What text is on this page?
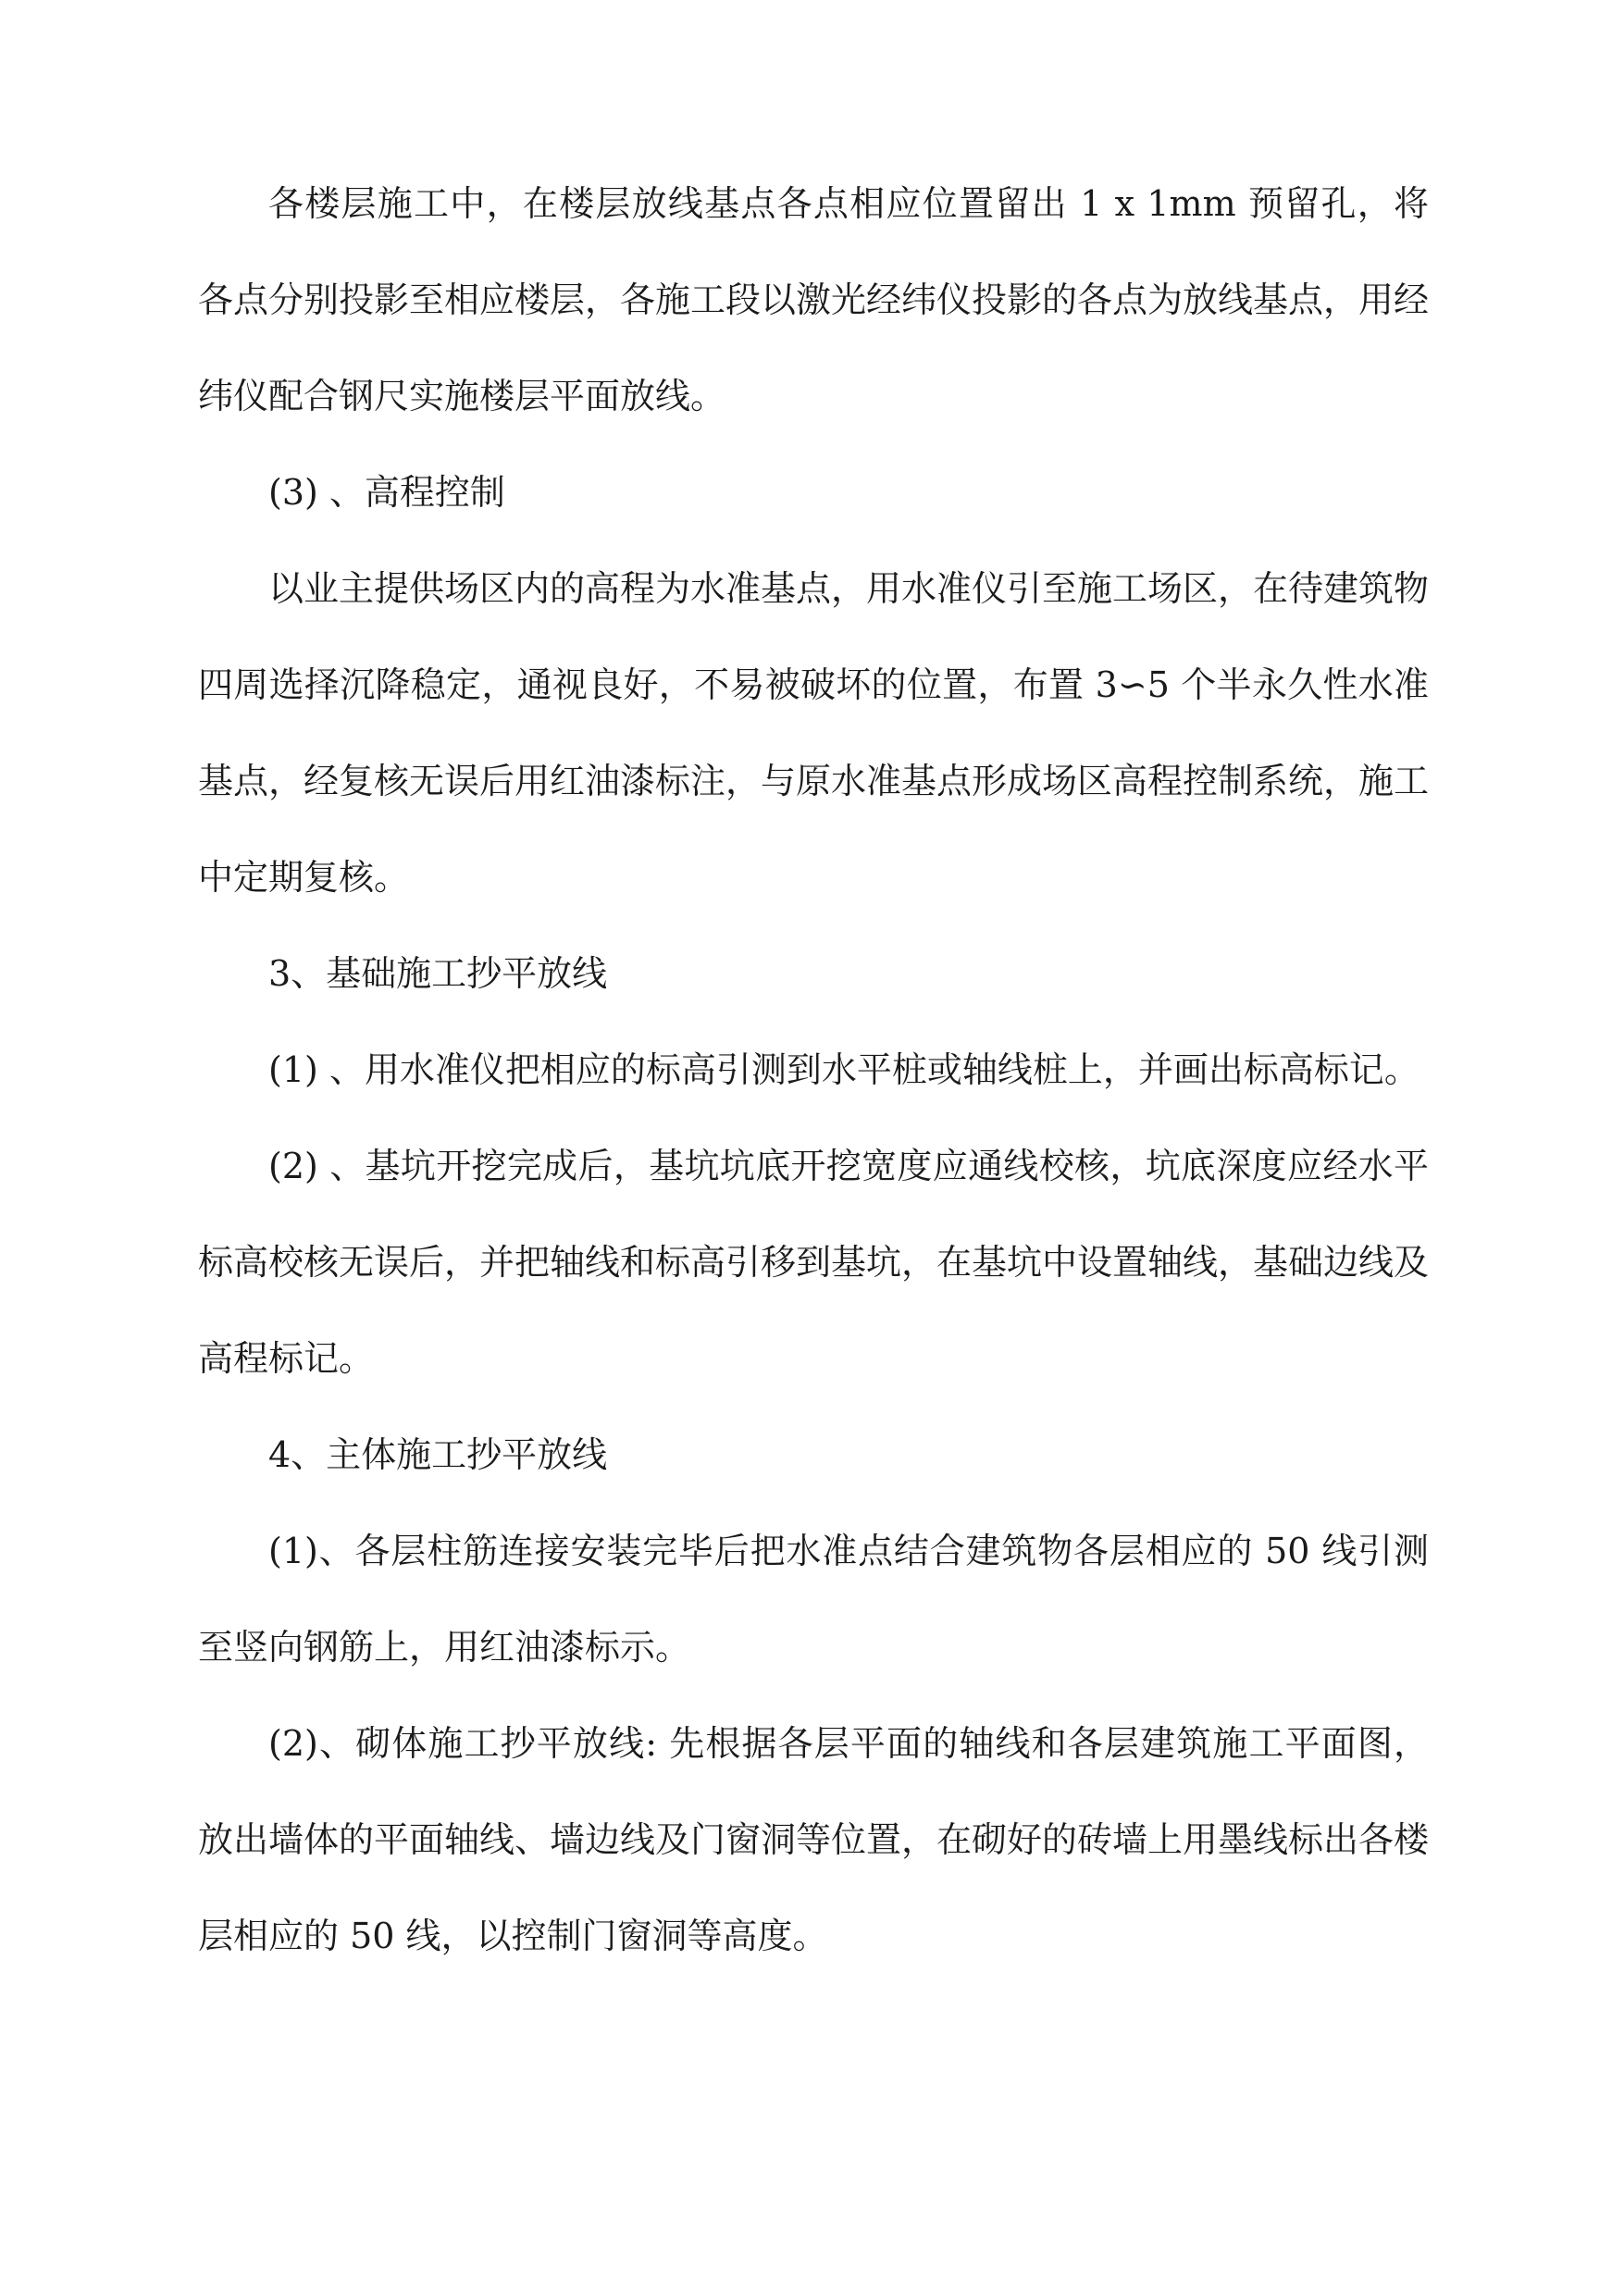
各楼层施工中，在楼层放线基点各点相应位置留出 1 x 1mm 预留孔，将各点分别投影至相应楼层，各施工段以激光经纬仪投影的各点为放线基点，用经纬仪配合钢尺实施楼层平面放线。

(3) 、高程控制

以业主提供场区内的高程为水准基点，用水准仪引至施工场区，在待建筑物四周选择沉降稳定，通视良好，不易被破坏的位置，布置 3∽5 个半永久性水准基点，经复核无误后用红油漆标注，与原水准基点形成场区高程控制系统，施工中定期复核。

3、基础施工抄平放线

(1) 、用水准仪把相应的标高引测到水平桩或轴线桩上，并画出标高标记。

(2) 、基坑开挖完成后，基坑坑底开挖宽度应通线校核，坑底深度应经水平标高校核无误后，并把轴线和标高引移到基坑，在基坑中设置轴线，基础边线及高程标记。

4、主体施工抄平放线

(1)、各层柱筋连接安装完毕后把水准点结合建筑物各层相应的 50 线引测至竖向钢筋上，用红油漆标示。

(2)、砌体施工抄平放线: 先根据各层平面的轴线和各层建筑施工平面图，放出墙体的平面轴线、墙边线及门窗洞等位置，在砌好的砖墙上用墨线标出各楼层相应的 50 线，以控制门窗洞等高度。
